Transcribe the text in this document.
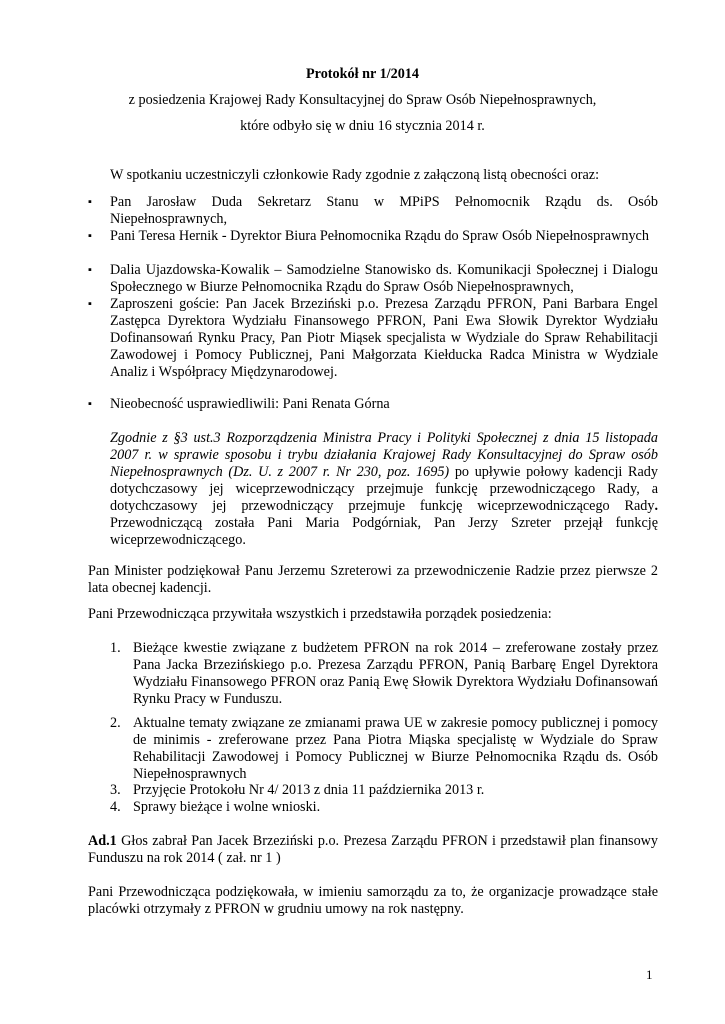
Protokół nr 1/2014
z posiedzenia Krajowej Rady Konsultacyjnej do Spraw Osób Niepełnosprawnych,
które odbyło się w dniu 16 stycznia 2014 r.

W spotkaniu uczestniczyli członkowie Rady zgodnie z załączoną listą obecności oraz:

▪	Pan Jarosław Duda Sekretarz Stanu w MPiPS Pełnomocnik Rządu ds. Osób Niepełnosprawnych,
▪	Pani Teresa Hernik - Dyrektor Biura Pełnomocnika Rządu do Spraw Osób Niepełnosprawnych
▪	Dalia Ujazdowska-Kowalik – Samodzielne Stanowisko ds. Komunikacji Społecznej i Dialogu Społecznego w Biurze Pełnomocnika Rządu do Spraw Osób Niepełnosprawnych,
▪	Zaproszeni goście: Pan Jacek Brzeziński p.o. Prezesa Zarządu PFRON, Pani Barbara Engel Zastępca Dyrektora Wydziału Finansowego PFRON, Pani Ewa Słowik Dyrektor Wydziału Dofinansowań Rynku Pracy, Pan Piotr Miąsek specjalista w Wydziale do Spraw Rehabilitacji Zawodowej i Pomocy Publicznej, Pani Małgorzata Kiełducka Radca Ministra w Wydziale Analiz i Współpracy Międzynarodowej.
▪	Nieobecność usprawiedliwili: Pani Renata Górna

Zgodnie z §3 ust.3 Rozporządzenia Ministra Pracy i Polityki Społecznej z dnia 15 listopada 2007 r. w sprawie sposobu i trybu działania Krajowej Rady Konsultacyjnej do Spraw osób Niepełnosprawnych (Dz. U. z 2007 r. Nr 230, poz. 1695) po upływie połowy kadencji Rady dotychczasowy jej wiceprzewodniczący przejmuje funkcję przewodniczącego Rady, a dotychczasowy jej przewodniczący przejmuje funkcję wiceprzewodniczącego Rady. Przewodniczącą została Pani Maria Podgórniak, Pan Jerzy Szreter przejął funkcję wiceprzewodniczącego.

Pan Minister podziękował Panu Jerzemu Szreterowi za przewodniczenie Radzie przez pierwsze 2 lata obecnej kadencji.

Pani Przewodnicząca przywitała wszystkich i przedstawiła porządek posiedzenia:

1. Bieżące kwestie związane z budżetem PFRON na rok 2014 – zreferowane zostały przez Pana Jacka Brzezińskiego p.o. Prezesa Zarządu PFRON, Panią Barbarę Engel Dyrektora Wydziału Finansowego PFRON oraz Panią Ewę Słowik Dyrektora Wydziału Dofinansowań Rynku Pracy w Funduszu.
2. Aktualne tematy związane ze zmianami prawa UE w zakresie pomocy publicznej i pomocy de minimis - zreferowane przez Pana Piotra Miąska specjalistę w Wydziale do Spraw Rehabilitacji Zawodowej i Pomocy Publicznej w Biurze Pełnomocnika Rządu ds. Osób Niepełnosprawnych
3. Przyjęcie Protokołu Nr 4/ 2013 z dnia 11 października 2013 r.
4. Sprawy bieżące i wolne wnioski.

Ad.1 Głos zabrał Pan Jacek Brzeziński p.o. Prezesa Zarządu PFRON i przedstawił plan finansowy Funduszu na rok 2014 ( zał. nr 1 )

Pani Przewodnicząca podziękowała, w imieniu samorządu za to, że organizacje prowadzące stałe placówki otrzymały z PFRON w grudniu umowy na rok następny.

1
